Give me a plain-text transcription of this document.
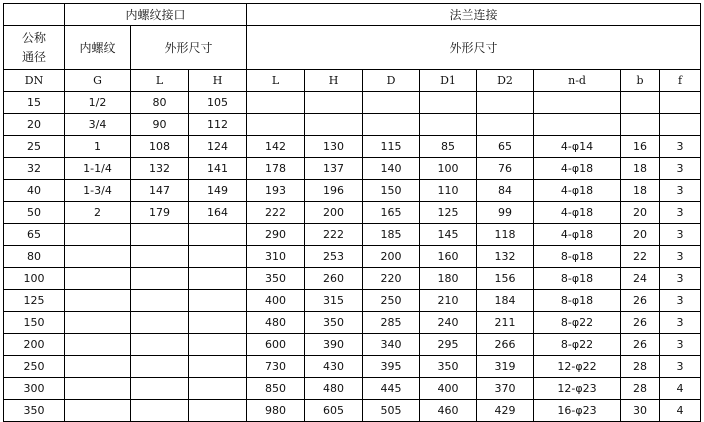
	内螺纹接口			法兰连接							
公称
通径	内螺纹	外形尺寸		外形尺寸							
DN	G	L	H	L	H	D	D1	D2	n-d	b	f
15	1/2	80	105								
20	3/4	90	112								
25	1	108	124	142	130	115	85	65	4-φ14	16	3
32	1-1/4	132	141	178	137	140	100	76	4-φ18	18	3
40	1-3/4	147	149	193	196	150	110	84	4-φ18	18	3
50	2	179	164	222	200	165	125	99	4-φ18	20	3
65				290	222	185	145	118	4-φ18	20	3
80				310	253	200	160	132	8-φ18	22	3
100				350	260	220	180	156	8-φ18	24	3
125				400	315	250	210	184	8-φ18	26	3
150				480	350	285	240	211	8-φ22	26	3
200				600	390	340	295	266	8-φ22	26	3
250				730	430	395	350	319	12-φ22	28	3
300				850	480	445	400	370	12-φ23	28	4
350				980	605	505	460	429	16-φ23	30	4
